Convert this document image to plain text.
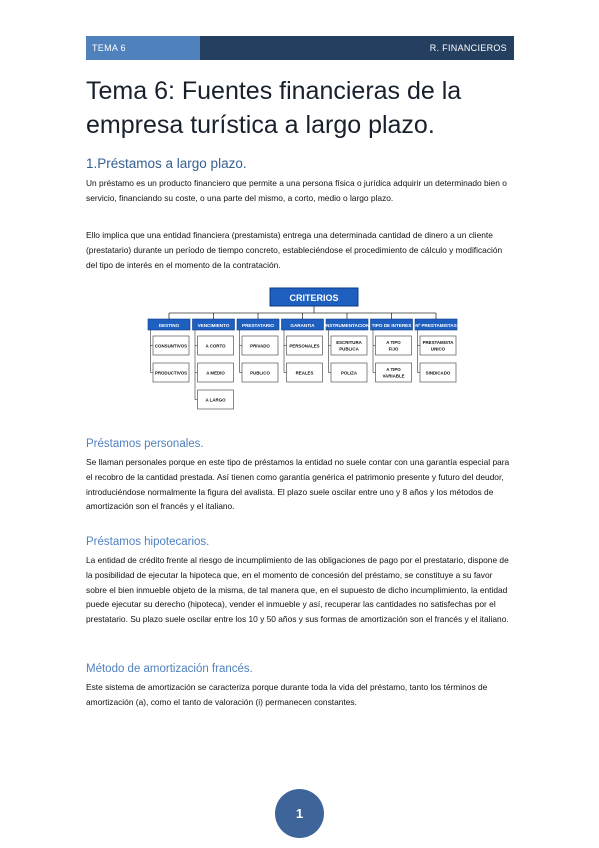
TEMA 6	R. FINANCIEROS
Tema 6: Fuentes financieras de la empresa turística a largo plazo.
1.Préstamos a largo plazo.

Un préstamo es un producto financiero que permite a una persona física o jurídica adquirir un determinado bien o servicio, financiando su coste, o una parte del mismo, a corto, medio o largo plazo.

Ello implica que una entidad financiera (prestamista) entrega una determinada cantidad de dinero a un cliente (prestatario) durante un período de tiempo concreto, estableciéndose el procedimiento de cálculo y modificación del tipo de interés en el momento de la contratación.

CRITERIOS
DESTINO
CONSUNTIVOS
PRODUCTIVOS
VENCIMIENTO
A CORTO
A MEDIO
A LARGO
PRESTATARIO
PRIVADO
PUBLICO
GARANTIA
PERSONALES
REALES
INSTRUMENTACION
ESCRITURA
PUBLICA
POLIZA
TIPO DE INTERES
A TIPO
FIJO
A TIPO
VARIABLE
Nº PRESTAMISTAS
PRESTAMISTA
UNICO
SINDICADO
Préstamos personales.

Se llaman personales porque en este tipo de préstamos la entidad no suele contar con una garantía especial para el recobro de la cantidad prestada. Así tienen como garantía genérica el patrimonio presente y futuro del deudor, introduciéndose normalmente la figura del avalista. El plazo suele oscilar entre uno y 8 años y los métodos de amortización son el francés y el italiano.

Préstamos hipotecarios.

La entidad de crédito frente al riesgo de incumplimiento de las obligaciones de pago por el prestatario, dispone de la posibilidad de ejecutar la hipoteca que, en el momento de concesión del préstamo, se constituye a su favor sobre el bien inmueble objeto de la misma, de tal manera que, en el supuesto de dicho incumplimiento, la entidad puede ejecutar su derecho (hipoteca), vender el inmueble y así, recuperar las cantidades no satisfechas por el prestatario. Su plazo suele oscilar entre los 10 y 50 años y sus formas de amortización son el francés y el italiano.

Método de amortización francés.

Este sistema de amortización se caracteriza porque durante toda la vida del préstamo, tanto los términos de amortización (a), como el tanto de valoración (i) permanecen constantes.

1
